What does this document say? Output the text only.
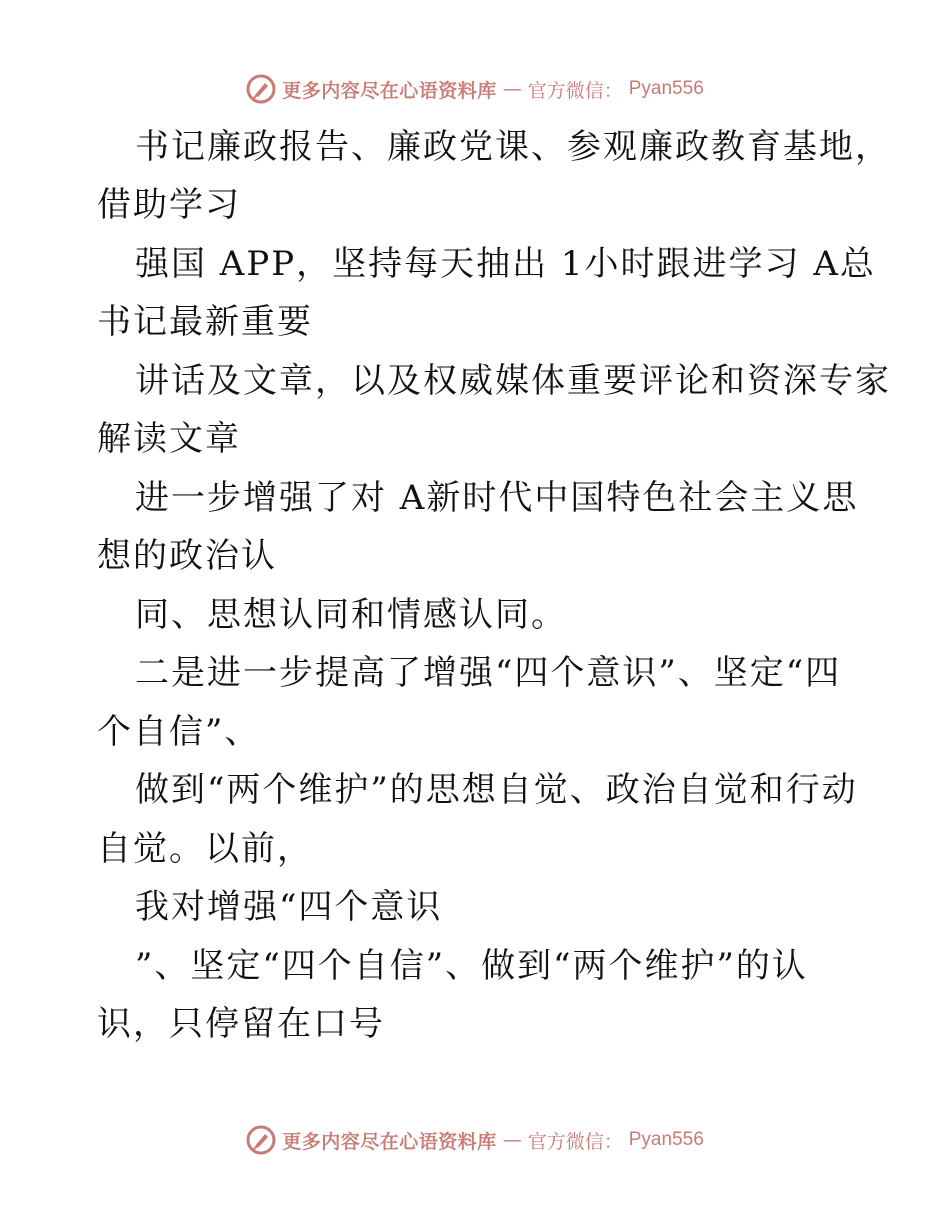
更多内容尽在心语资料库 — 官方微信： Pyan556
书记廉政报告、廉政党课、参观廉政教育基地，
借助学习
强国 APP，坚持每天抽出 1小时跟进学习 A总
书记最新重要
讲话及文章，以及权威媒体重要评论和资深专家
解读文章
进一步增强了对 A新时代中国特色社会主义思
想的政治认
同、思想认同和情感认同。
二是进一步提高了增强“四个意识”、坚定“四
个自信”、
做到“两个维护”的思想自觉、政治自觉和行动
自觉。以前，
我对增强“四个意识
”、坚定“四个自信”、做到“两个维护”的认
识，只停留在口号
更多内容尽在心语资料库 — 官方微信： Pyan556
